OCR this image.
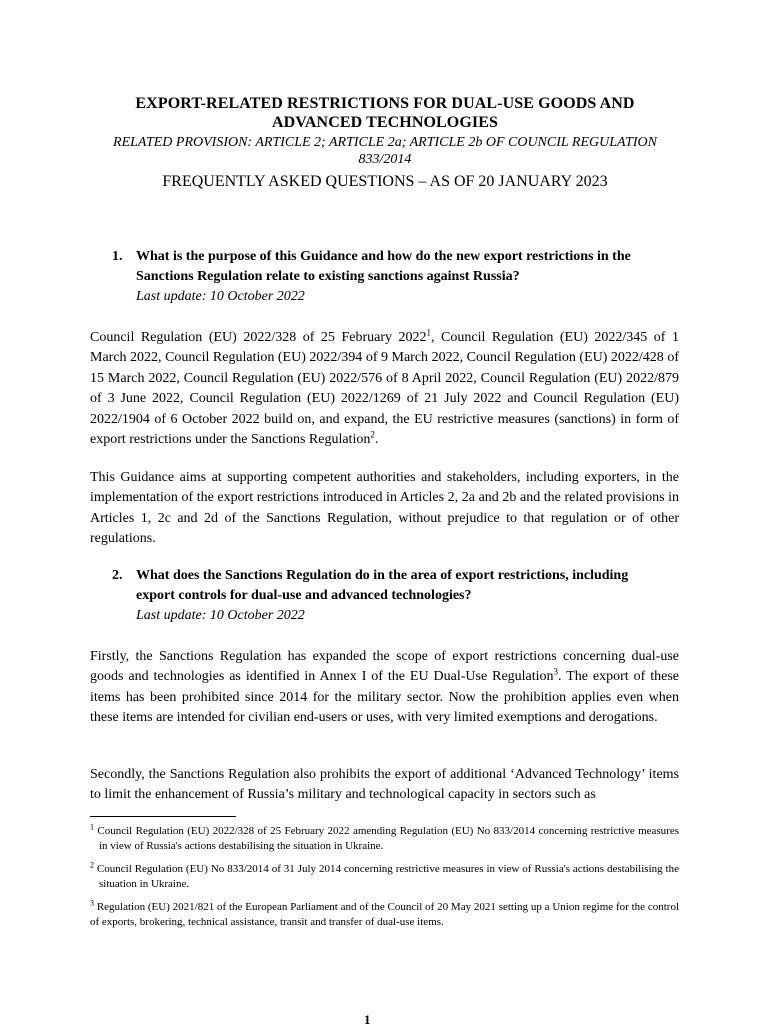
EXPORT-RELATED RESTRICTIONS FOR DUAL-USE GOODS AND
ADVANCED TECHNOLOGIES
RELATED PROVISION: ARTICLE 2; ARTICLE 2a; ARTICLE 2b OF COUNCIL REGULATION
833/2014
FREQUENTLY ASKED QUESTIONS – AS OF 20 JANUARY 2023
1. What is the purpose of this Guidance and how do the new export restrictions in the
Sanctions Regulation relate to existing sanctions against Russia?
Last update: 10 October 2022
Council Regulation (EU) 2022/328 of 25 February 2022$^1$, Council Regulation (EU) 2022/345 of 1 March 2022, Council Regulation (EU) 2022/394 of 9 March 2022, Council Regulation (EU) 2022/428 of 15 March 2022, Council Regulation (EU) 2022/576 of 8 April 2022, Council Regulation (EU) 2022/879 of 3 June 2022, Council Regulation (EU) 2022/1269 of 21 July 2022 and Council Regulation (EU) 2022/1904 of 6 October 2022 build on, and expand, the EU restrictive measures (sanctions) in form of export restrictions under the Sanctions Regulation$^2$.
This Guidance aims at supporting competent authorities and stakeholders, including exporters, in the implementation of the export restrictions introduced in Articles 2, 2a and 2b and the related provisions in Articles 1, 2c and 2d of the Sanctions Regulation, without prejudice to that regulation or of other regulations.
2. What does the Sanctions Regulation do in the area of export restrictions, including
export controls for dual-use and advanced technologies?
Last update: 10 October 2022
Firstly, the Sanctions Regulation has expanded the scope of export restrictions concerning dual-use goods and technologies as identified in Annex I of the EU Dual-Use Regulation$^3$. The export of these items has been prohibited since 2014 for the military sector. Now the prohibition applies even when these items are intended for civilian end-users or uses, with very limited exemptions and derogations.
Secondly, the Sanctions Regulation also prohibits the export of additional ‘Advanced Technology’ items to limit the enhancement of Russia’s military and technological capacity in sectors such as
$^1$ Council Regulation (EU) 2022/328 of 25 February 2022 amending Regulation (EU) No 833/2014 concerning restrictive measures in view of Russia's actions destabilising the situation in Ukraine.
$^2$ Council Regulation (EU) No 833/2014 of 31 July 2014 concerning restrictive measures in view of Russia's actions destabilising the situation in Ukraine.
$^3$ Regulation (EU) 2021/821 of the European Parliament and of the Council of 20 May 2021 setting up a Union regime for the control of exports, brokering, technical assistance, transit and transfer of dual-use items.
1
